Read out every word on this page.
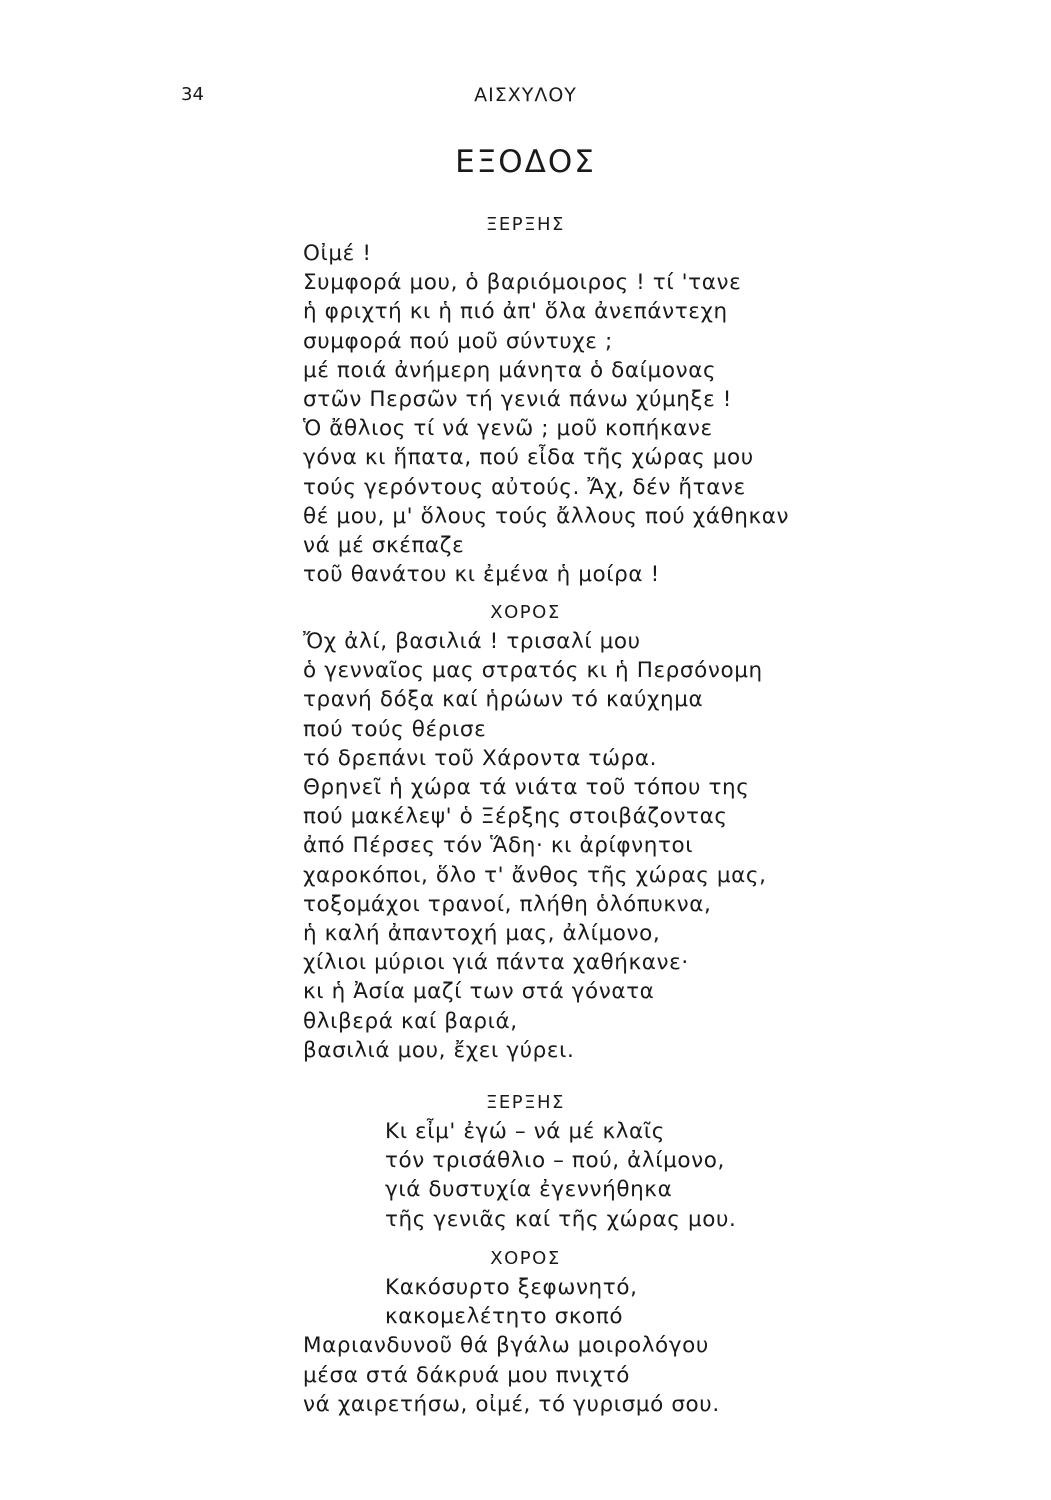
34	ΑΙΣΧΥΛΟΥ
ΕΞΟΔΟΣ
ΞΕΡΞΗΣ
Οἰμέ !
Συμφορά μου, ὁ βαριόμοιρος ! τί 'τανε
ἡ φριχτή κι ἡ πιό ἀπ' ὅλα ἀνεπάντεχη
συμφορά πού μοῦ σύντυχε ;
μέ ποιά ἀνήμερη μάνητα ὁ δαίμονας
στῶν Περσῶν τή γενιά πάνω χύμηξε !
Ὁ ἄθλιος τί νά γενῶ ; μοῦ κοπήκανε
γόνα κι ἥπατα, πού εἶδα τῆς χώρας μου
τούς γερόντους αὐτούς. Ἄχ, δέν ἤτανε
θέ μου, μ' ὅλους τούς ἄλλους πού χάθηκαν
νά μέ σκέπαζε
τοῦ θανάτου κι ἐμένα ἡ μοίρα !
ΧΟΡΟΣ
Ὄχ ἀλί, βασιλιά ! τρισαλί μου
ὁ γενναῖος μας στρατός κι ἡ Περσόνομη
τρανή δόξα καί ἡρώων τό καύχημα
πού τούς θέρισε
τό δρεπάνι τοῦ Χάροντα τώρα.
Θρηνεῖ ἡ χώρα τά νιάτα τοῦ τόπου της
πού μακέλεψ' ὁ Ξέρξης στοιβάζοντας
ἀπό Πέρσες τόν Ἅδη· κι ἀρίφνητοι
χαροκόποι, ὅλο τ' ἄνθος τῆς χώρας μας,
τοξομάχοι τρανοί, πλήθη ὁλόπυκνα,
ἡ καλή ἀπαντοχή μας, ἀλίμονο,
χίλιοι μύριοι γιά πάντα χαθήκανε·
κι ἡ Ἀσία μαζί των στά γόνατα
θλιβερά καί βαριά,
βασιλιά μου, ἔχει γύρει.
ΞΕΡΞΗΣ
Κι εἶμ' ἐγώ – νά μέ κλαῖς
τόν τρισάθλιο – πού, ἀλίμονο,
γιά δυστυχία ἐγεννήθηκα
τῆς γενιᾶς καί τῆς χώρας μου.
ΧΟΡΟΣ
Κακόσυρτο ξεφωνητό,
κακομελέτητο σκοπό
Μαριανδυνοῦ θά βγάλω μοιρολόγου
μέσα στά δάκρυά μου πνιχτό
νά χαιρετήσω, οἰμέ, τό γυρισμό σου.
